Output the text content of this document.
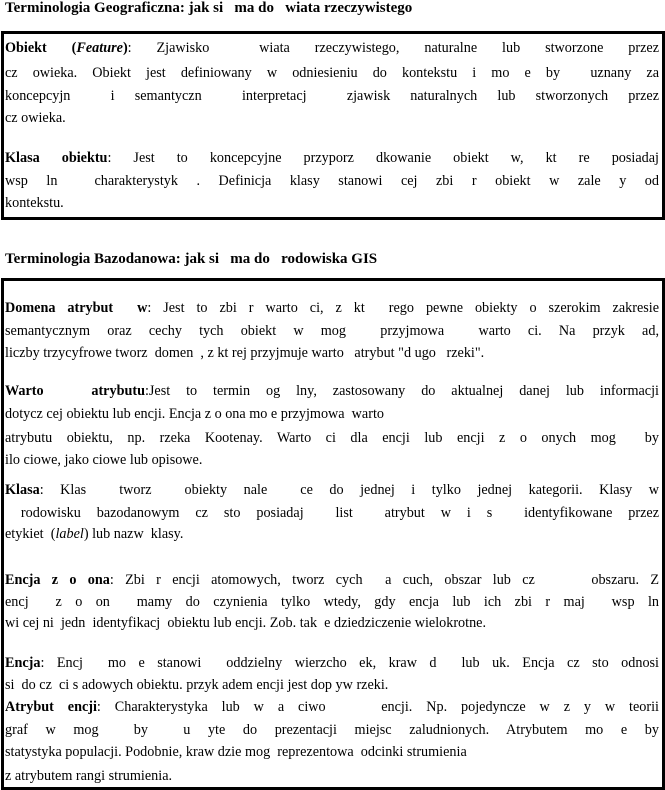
Terminologia Geograficzna: jak si   ma do   wiata rzeczywistego
Obiekt (Feature): Zjawisko  wiata rzeczywistego, naturalne lub stworzone przez
cz owieka. Obiekt jest definiowany w odniesieniu do kontekstu i mo e by  uznany za
koncepcyjn  i semantyczn  interpretacj  zjawisk naturalnych lub stworzonych przez
cz owieka.
Klasa obiektu: Jest to koncepcyjne przyporz dkowanie obiekt w, kt re posiadaj
wsp ln  charakterystyk . Definicja klasy stanowi cej zbi r obiekt w zale y od
kontekstu.
Terminologia Bazodanowa: jak si   ma do   rodowiska GIS
Domena atrybut  w: Jest to zbi r warto ci, z kt  rego pewne obiekty o szerokim zakresie
semantycznym oraz cechy tych obiekt w mog  przyjmowa  warto ci. Na przyk ad,
liczby trzycyfrowe tworz  domen  , z kt rej przyjmuje warto   atrybut "d ugo   rzeki".
Warto   atrybutu:Jest to termin og lny, zastosowany do aktualnej danej lub informacji
dotycz cej obiektu lub encji. Encja z o ona mo e przyjmowa  warto
atrybutu obiektu, np. rzeka Kootenay. Warto ci dla encji lub encji z o onych mog  by
ilo ciowe, jako ciowe lub opisowe.
Klasa: Klas  tworz  obiekty nale  ce do jednej i tylko jednej kategorii. Klasy w
rodowisku bazodanowym cz sto posiadaj  list  atrybut w i s  identyfikowane przez
etykiet  (label) lub nazw  klasy.
Encja z o ona: Zbi r encji atomowych, tworz cych  a cuch, obszar lub cz     obszaru. Z
encj  z o on  mamy do czynienia tylko wtedy, gdy encja lub ich zbi r maj  wsp ln
wi cej ni  jedn  identyfikacj  obiektu lub encji. Zob. tak  e dziedziczenie wielokrotne.
Encja: Encj  mo e stanowi  oddzielny wierzcho ek, kraw d  lub uk. Encja cz sto odnosi
si  do cz  ci s adowych obiektu. przyk adem encji jest dop yw rzeki.
Atrybut encji: Charakterystyka lub w a ciwo    encji. Np. pojedyncze w z y w teorii
graf w mog  by  u yte do prezentacji miejsc zaludnionych. Atrybutem mo e by
statystyka populacji. Podobnie, kraw dzie mog  reprezentowa  odcinki strumienia
z atrybutem rangi strumienia.
